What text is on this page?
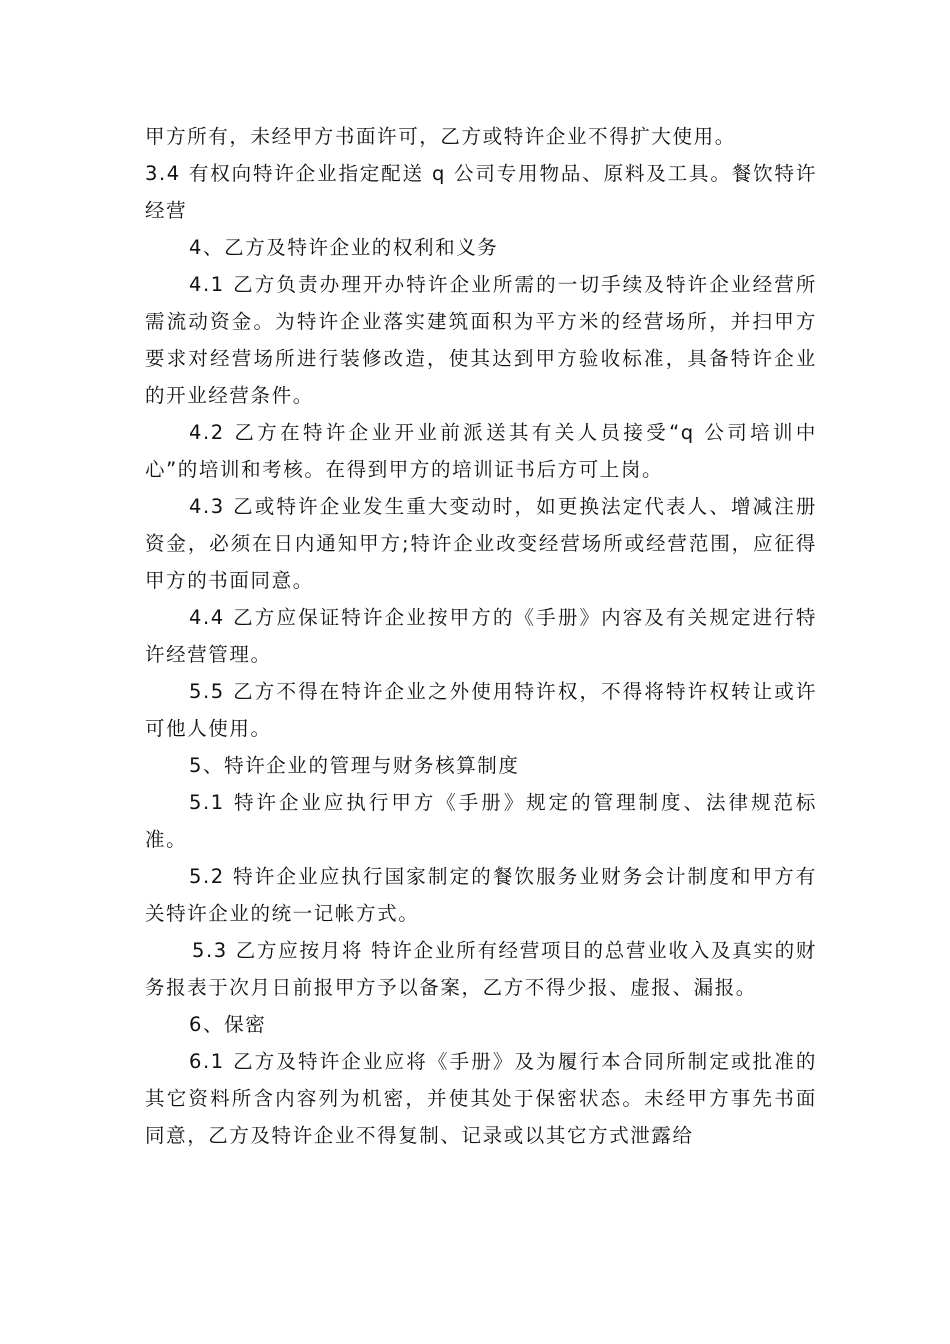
甲方所有，未经甲方书面许可，乙方或特许企业不得扩大使用。

3.4 有权向特许企业指定配送 q 公司专用物品、原料及工具。餐饮特许经营

4、乙方及特许企业的权利和义务

4.1 乙方负责办理开办特许企业所需的一切手续及特许企业经营所需流动资金。为特许企业落实建筑面积为平方米的经营场所，并扫甲方要求对经营场所进行装修改造，使其达到甲方验收标准，具备特许企业的开业经营条件。

4.2 乙方在特许企业开业前派送其有关人员接受“q 公司培训中心”的培训和考核。在得到甲方的培训证书后方可上岗。

4.3 乙或特许企业发生重大变动时，如更换法定代表人、增减注册资金，必须在日内通知甲方;特许企业改变经营场所或经营范围，应征得甲方的书面同意。

4.4 乙方应保证特许企业按甲方的《手册》内容及有关规定进行特许经营管理。

5.5 乙方不得在特许企业之外使用特许权，不得将特许权转让或许可他人使用。

5、特许企业的管理与财务核算制度

5.1 特许企业应执行甲方《手册》规定的管理制度、法律规范标准。

5.2 特许企业应执行国家制定的餐饮服务业财务会计制度和甲方有关特许企业的统一记帐方式。

5.3 乙方应按月将 特许企业所有经营项目的总营业收入及真实的财务报表于次月日前报甲方予以备案，乙方不得少报、虚报、漏报。

6、保密

6.1 乙方及特许企业应将《手册》及为履行本合同所制定或批准的其它资料所含内容列为机密，并使其处于保密状态。未经甲方事先书面同意，乙方及特许企业不得复制、记录或以其它方式泄露给
